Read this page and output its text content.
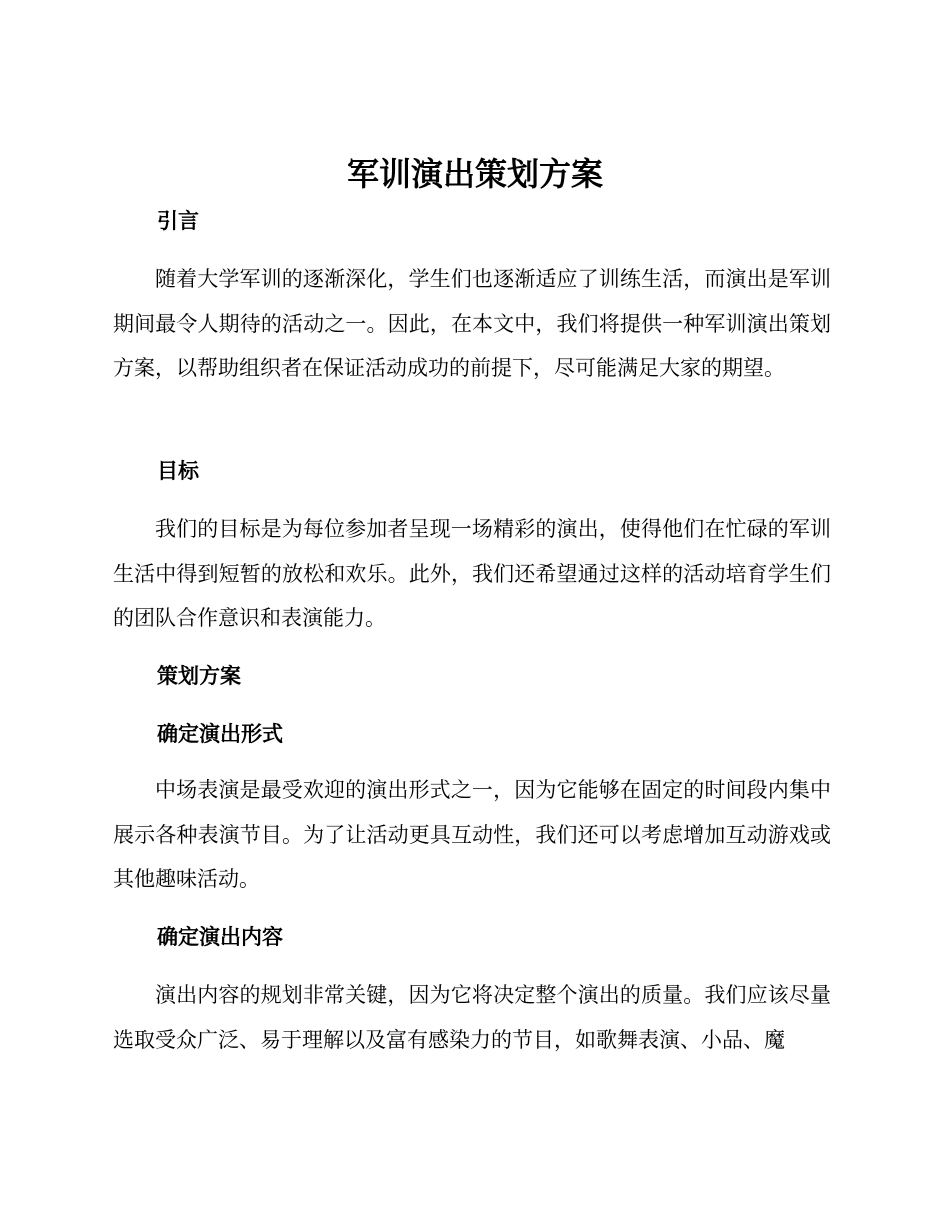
军训演出策划方案
引言

随着大学军训的逐渐深化，学生们也逐渐适应了训练生活，而演出是军训期间最令人期待的活动之一。因此，在本文中，我们将提供一种军训演出策划方案，以帮助组织者在保证活动成功的前提下，尽可能满足大家的期望。

目标

我们的目标是为每位参加者呈现一场精彩的演出，使得他们在忙碌的军训生活中得到短暂的放松和欢乐。此外，我们还希望通过这样的活动培育学生们的团队合作意识和表演能力。

策划方案
确定演出形式

中场表演是最受欢迎的演出形式之一，因为它能够在固定的时间段内集中展示各种表演节目。为了让活动更具互动性，我们还可以考虑增加互动游戏或其他趣味活动。

确定演出内容

演出内容的规划非常关键，因为它将决定整个演出的质量。我们应该尽量选取受众广泛、易于理解以及富有感染力的节目，如歌舞表演、小品、魔
